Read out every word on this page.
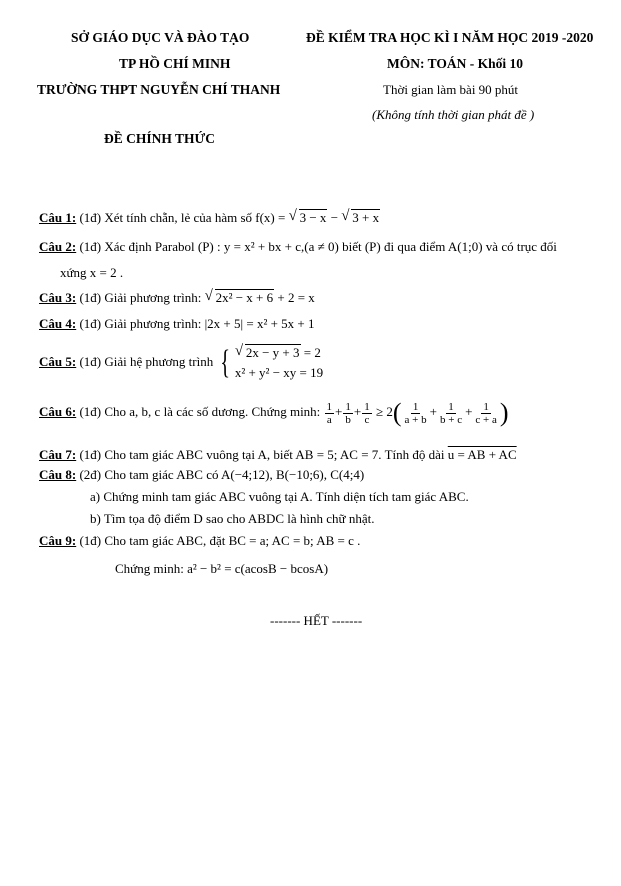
SỞ GIÁO DỤC VÀ ĐÀO TẠO
TP HỒ CHÍ MINH
TRƯỜNG THPT NGUYỄN CHÍ THANH
ĐỀ CHÍNH THỨC
ĐỀ KIỂM TRA HỌC KÌ I NĂM HỌC 2019 -2020
MÔN: TOÁN - Khối 10
Thời gian làm bài 90 phút
(Không tính thời gian phát đề )
Câu 1: (1đ) Xét tính chẵn, lẻ của hàm số f(x) = √ 3 − x − √ 3 + x
Câu 2: (1đ) Xác định Parabol (P) : y = x² + bx + c,(a ≠ 0) biết (P) đi qua điểm A(1;0) và có trục đối
xứng x = 2 .
Câu 3: (1đ) Giải phương trình: √ 2x² − x + 6 + 2 = x
Câu 4: (1đ) Giải phương trình: |2x + 5| = x² + 5x + 1
Câu 5: (1đ) Giải hệ phương trình {	√ 2x − y + 3 = 2
x² + y² − xy = 19
Câu 6: (1đ) Cho a, b, c là các số dương. Chứng minh: $\frac{1}{a} + \frac{1}{b} + \frac{1}{c} \ge 2( \frac{1}{a + b} + \frac{1}{b + c} + \frac{1}{c + a}$ )
Câu 7: (1đ) Cho tam giác ABC vuông tại A, biết AB = 5; AC = 7. Tính độ dài u = AB + AC
Câu 8: (2đ) Cho tam giác ABC có A(−4;12), B(−10;6), C(4;4)
a) Chứng minh tam giác ABC vuông tại A. Tính diện tích tam giác ABC.
b) Tìm tọa độ điểm D sao cho ABDC là hình chữ nhật.
Câu 9: (1đ) Cho tam giác ABC, đặt BC = a; AC = b; AB = c .
Chứng minh: a² − b² = c(acosB − bcosA)
------- HẾT -------
